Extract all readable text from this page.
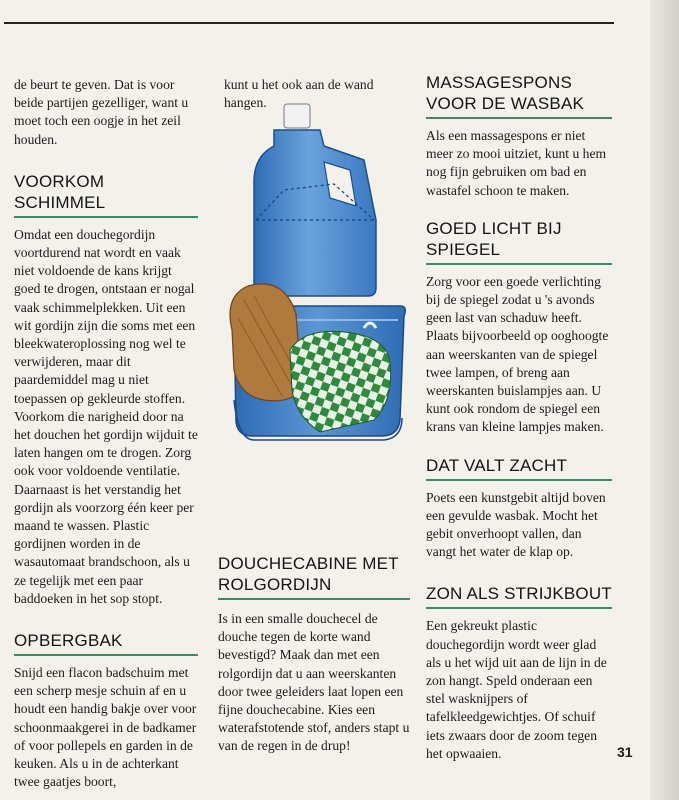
de beurt te geven. Dat is voor beide partijen gezelliger, want u moet toch een oogje in het zeil houden.

VOORKOM SCHIMMEL

Omdat een douchegordijn voortdurend nat wordt en vaak niet voldoende de kans krijgt goed te drogen, ontstaan er nogal vaak schimmelplekken. Uit een wit gordijn zijn die soms met een bleekwateroplossing nog wel te verwijderen, maar dit paardemiddel mag u niet toepassen op gekleurde stoffen. Voorkom die narigheid door na het douchen het gordijn wijduit te laten hangen om te drogen. Zorg ook voor voldoende ventilatie. Daarnaast is het verstandig het gordijn als voorzorg één keer per maand te wassen. Plastic gordijnen worden in de wasautomaat brandschoon, als u ze tegelijk met een paar baddoeken in het sop stopt.

OPBERGBAK

Snijd een flacon badschuim met een scherp mesje schuin af en u houdt een handig bakje over voor schoonmaakgerei in de badkamer of voor pollepels en garden in de keuken. Als u in de achterkant twee gaatjes boort,

kunt u het ook aan de wand hangen.

DOUCHECABINE MET ROLGORDIJN

Is in een smalle douchecel de douche tegen de korte wand bevestigd? Maak dan met een rolgordijn dat u aan weerskanten door twee geleiders laat lopen een fijne douchecabine. Kies een waterafstotende stof, anders stapt u van de regen in de drup!

MASSAGESPONS VOOR DE WASBAK

Als een massagespons er niet meer zo mooi uitziet, kunt u hem nog fijn gebruiken om bad en wastafel schoon te maken.

GOED LICHT BIJ SPIEGEL

Zorg voor een goede verlichting bij de spiegel zodat u 's avonds geen last van schaduw heeft. Plaats bijvoorbeeld op ooghoogte aan weerskanten van de spiegel twee lampen, of breng aan weerskanten buislampjes aan. U kunt ook rondom de spiegel een krans van kleine lampjes maken.

DAT VALT ZACHT

Poets een kunstgebit altijd boven een gevulde wasbak. Mocht het gebit onverhoopt vallen, dan vangt het water de klap op.

ZON ALS STRIJKBOUT

Een gekreukt plastic douchegordijn wordt weer glad als u het wijd uit aan de lijn in de zon hangt. Speld onderaan een stel wasknijpers of tafelkleedgewichtjes. Of schuif iets zwaars door de zoom tegen het opwaaien.	31
